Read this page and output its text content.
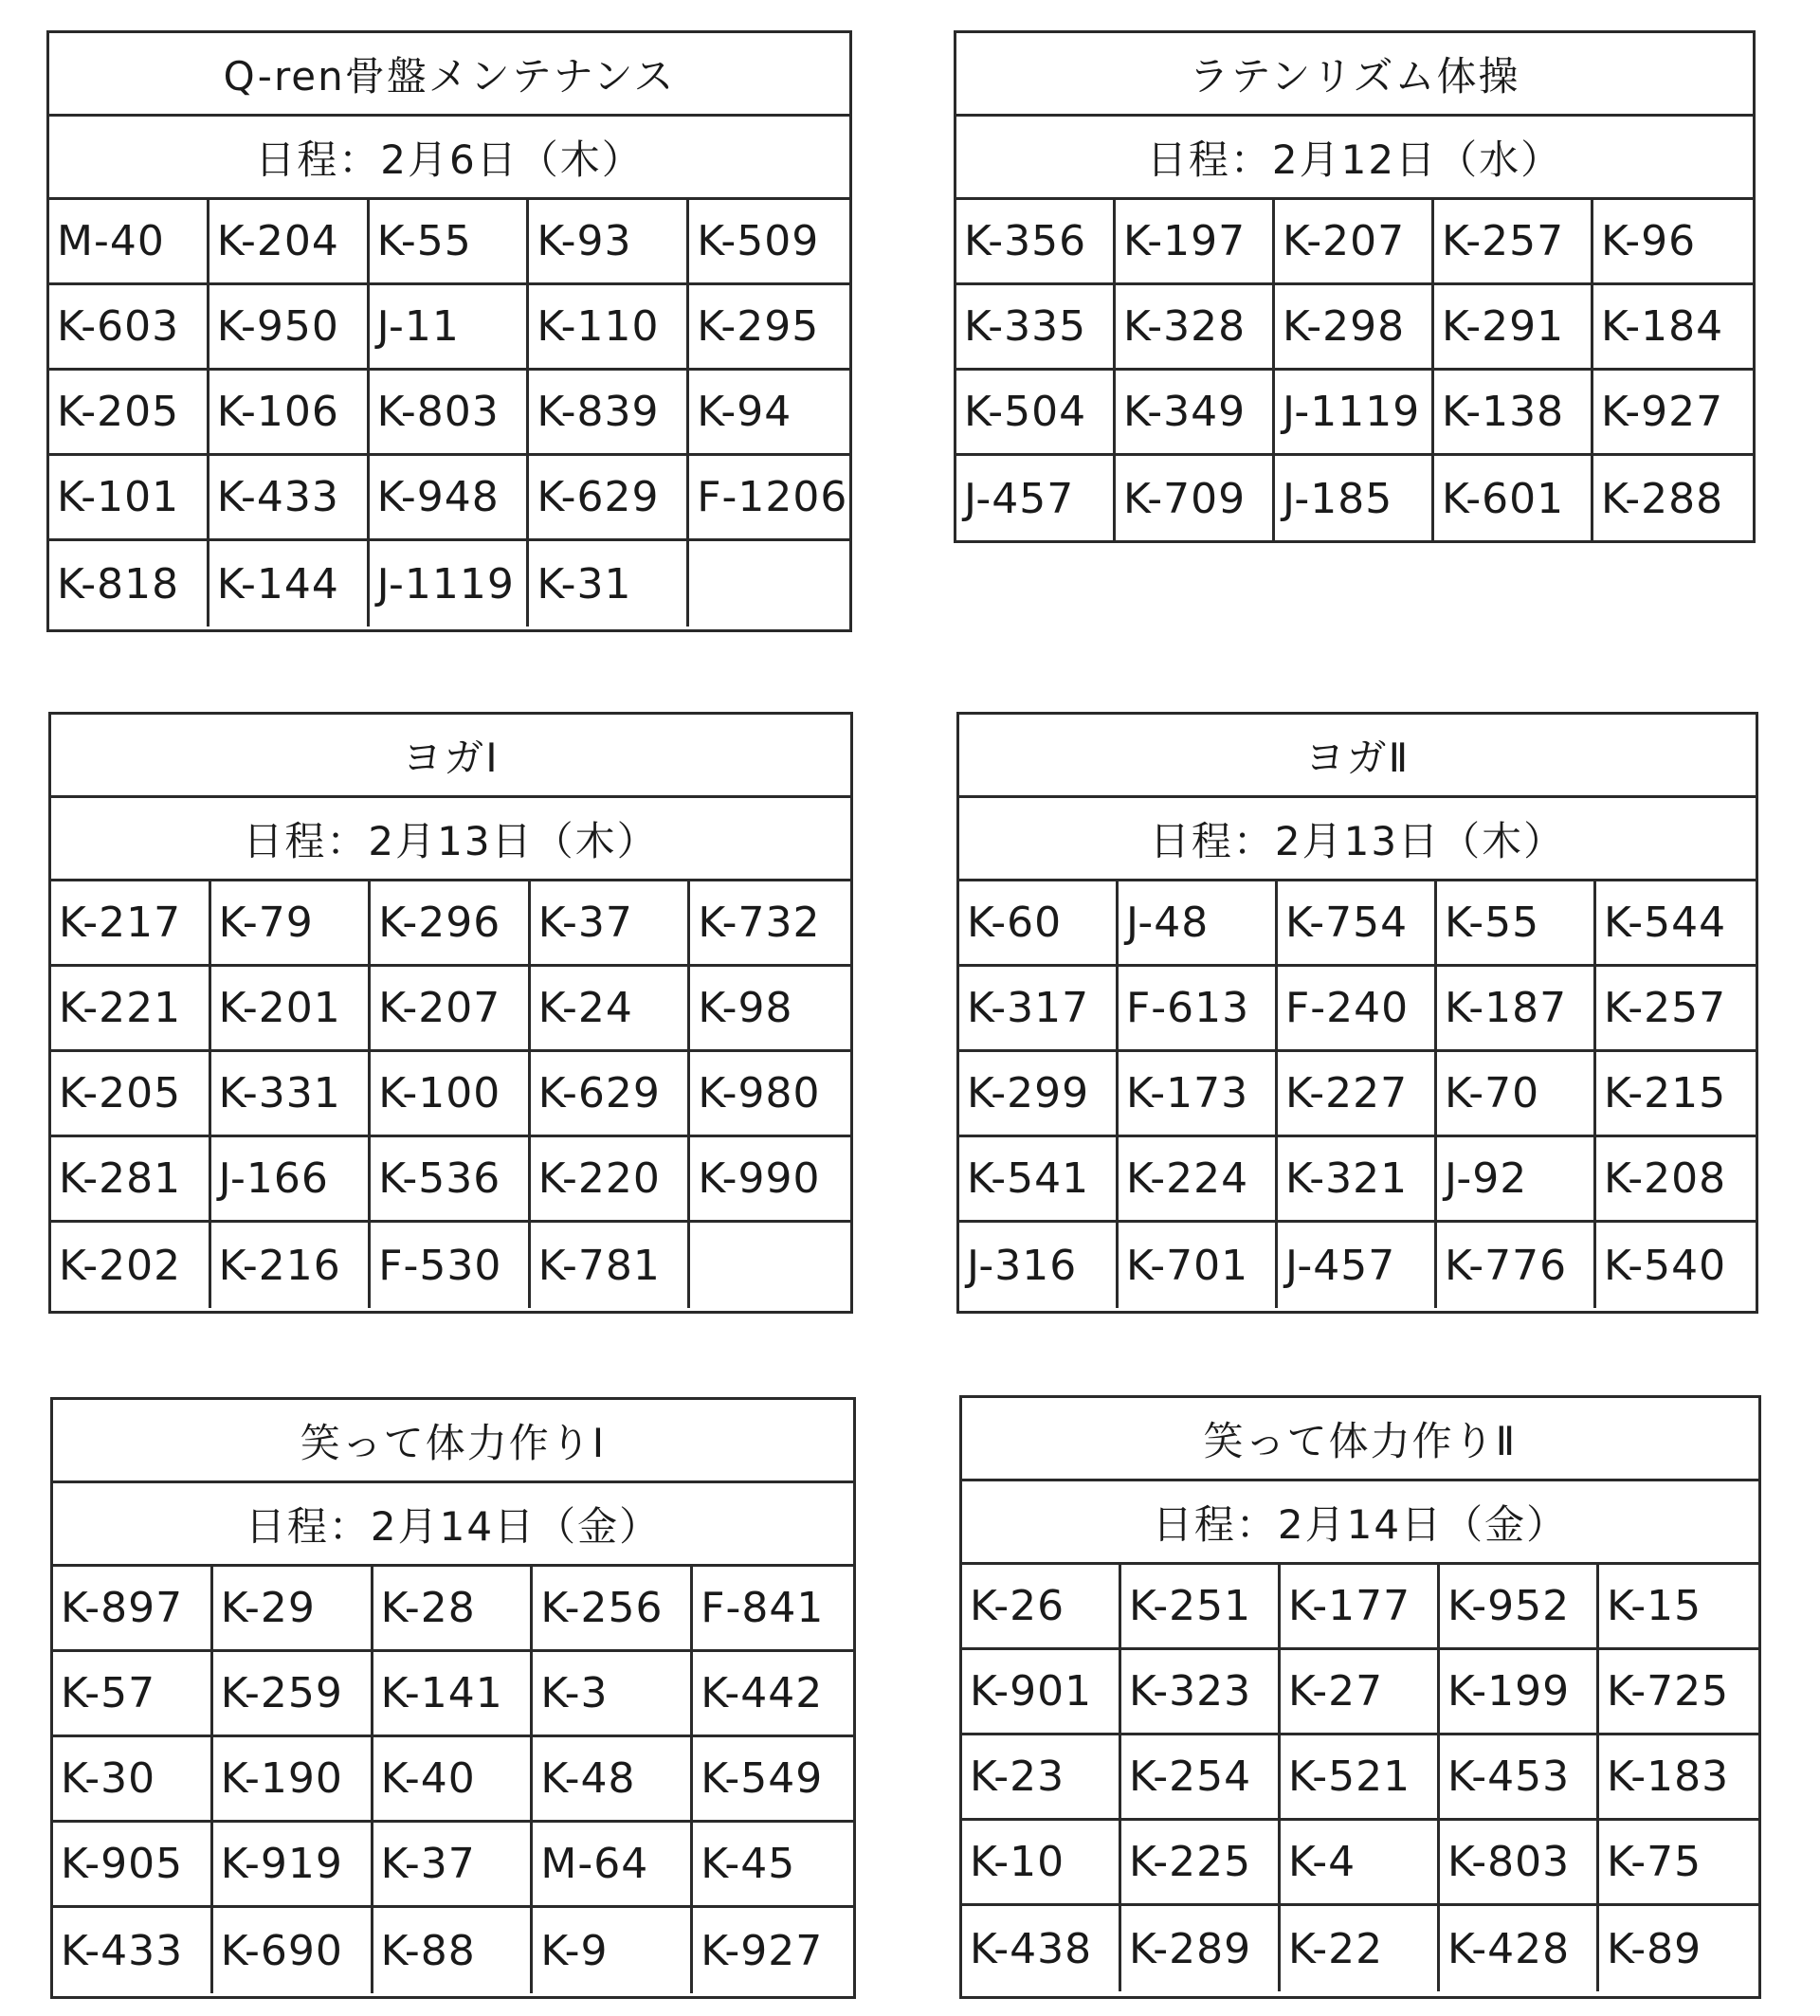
Q-ren骨盤メンテナンス
日程：2月6日（木）
M-40	K-204 K-55	K-93	K-509
K-603 K-950 J-11	K-110 K-295
K-205 K-106 K-803 K-839 K-94
K-101 K-433 K-948 K-629 F-1206
K-818 K-144 J-1119 K-31
ラテンリズム体操
日程：2月12日（水）
K-356 K-197 K-207 K-257 K-96
K-335 K-328 K-298 K-291 K-184
K-504 K-349 J-1119 K-138 K-927
J-457	K-709 J-185	K-601 K-288
ヨガⅠ
日程：2月13日（木）
K-217 K-79	K-296 K-37	K-732
K-221 K-201 K-207 K-24	K-98
K-205 K-331 K-100 K-629 K-980
K-281 J-166	K-536 K-220 K-990
K-202 K-216 F-530 K-781
ヨガⅡ
日程：2月13日（木）
K-60	J-48	K-754 K-55	K-544
K-317 F-613 F-240 K-187 K-257
K-299 K-173 K-227 K-70	K-215
K-541 K-224 K-321 J-92	K-208
J-316	K-701 J-457	K-776 K-540
笑って体力作りⅠ
日程：2月14日（金）
K-897 K-29	K-28	K-256 F-841
K-57	K-259 K-141 K-3	K-442
K-30	K-190 K-40	K-48	K-549
K-905 K-919 K-37	M-64	K-45
K-433 K-690 K-88	K-9	K-927
笑って体力作りⅡ
日程：2月14日（金）
K-26	K-251 K-177 K-952 K-15
K-901 K-323 K-27	K-199 K-725
K-23	K-254 K-521 K-453 K-183
K-10	K-225 K-4	K-803 K-75
K-438 K-289 K-22	K-428 K-89
